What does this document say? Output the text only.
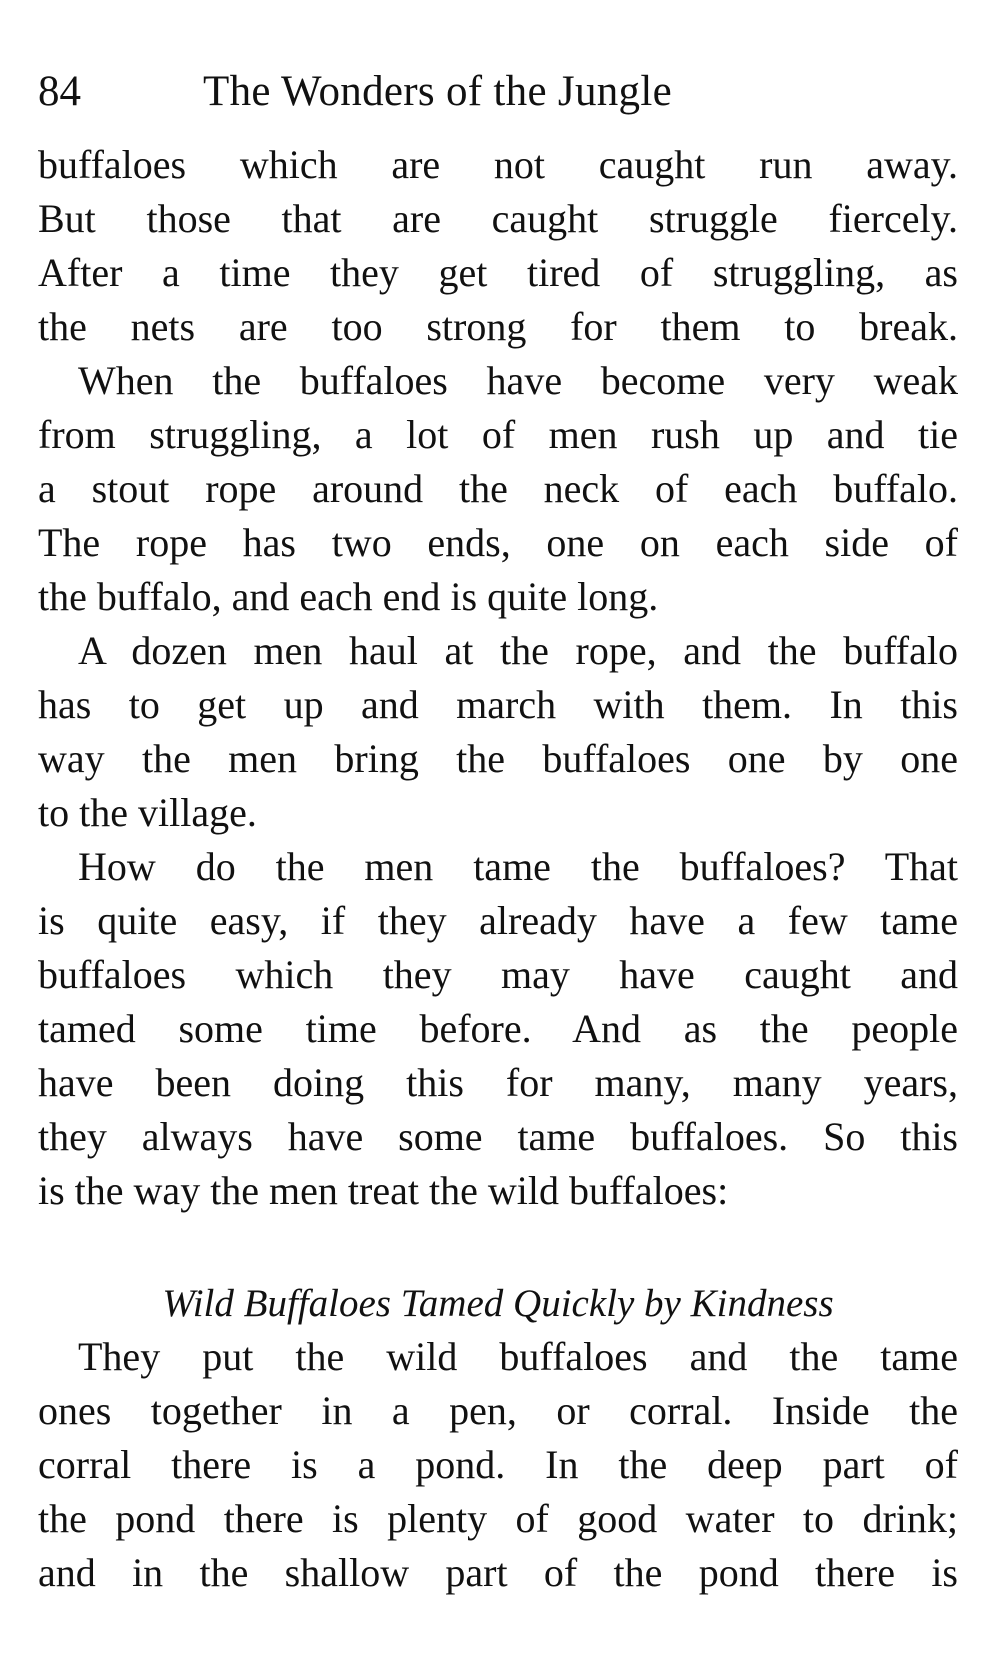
84	The Wonders of the Jungle
buffaloes which are not caught run away.
But those that are caught struggle fiercely.
After a time they get tired of struggling, as
the nets are too strong for them to break.
When the buffaloes have become very weak
from struggling, a lot of men rush up and tie
a stout rope around the neck of each buffalo.
The rope has two ends, one on each side of
the buffalo, and each end is quite long.
A dozen men haul at the rope, and the buffalo
has to get up and march with them. In this
way the men bring the buffaloes one by one
to the village.
How do the men tame the buffaloes? That
is quite easy, if they already have a few tame
buffaloes which they may have caught and
tamed some time before. And as the people
have been doing this for many, many years,
they always have some tame buffaloes. So this
is the way the men treat the wild buffaloes:
Wild Buffaloes Tamed Quickly by Kindness
They put the wild buffaloes and the tame
ones together in a pen, or corral. Inside the
corral there is a pond. In the deep part of
the pond there is plenty of good water to drink;
and in the shallow part of the pond there is
